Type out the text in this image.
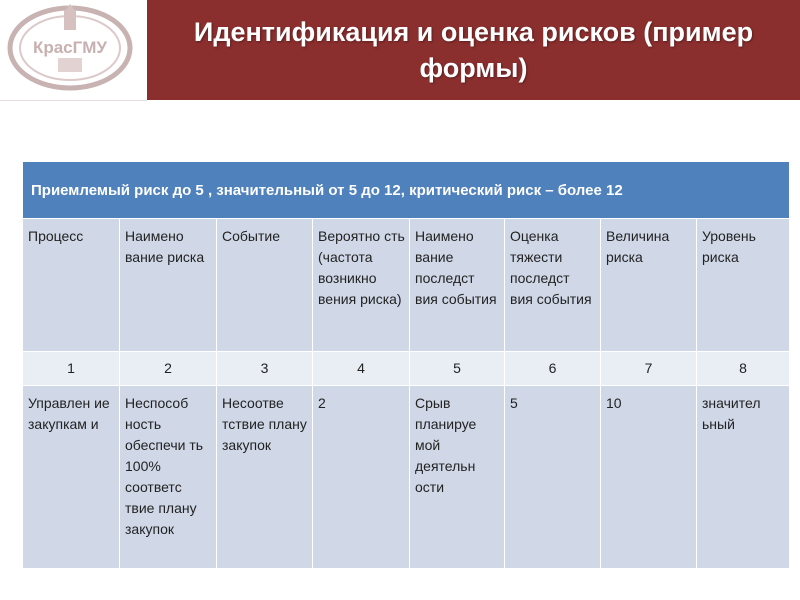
КрасГМУ
Идентификация и оценка рисков (пример формы)
Приемлемый риск до 5 , значительный от 5 до 12, критический риск – более 12							
Процесс	Наимено вание риска	Событие	Вероятно сть (частота возникно вения риска)	Наимено вание последст вия события	Оценка тяжести последст вия события	Величина риска	Уровень риска
1	2	3	4	5	6	7	8
Управлен ие закупкам и	Неспособ ность обеспечи ть 100% соответс твие плану закупок	Несоотве тствие плану закупок	2	Срыв планируе мой деятельн ости	5	10	значител ьный
